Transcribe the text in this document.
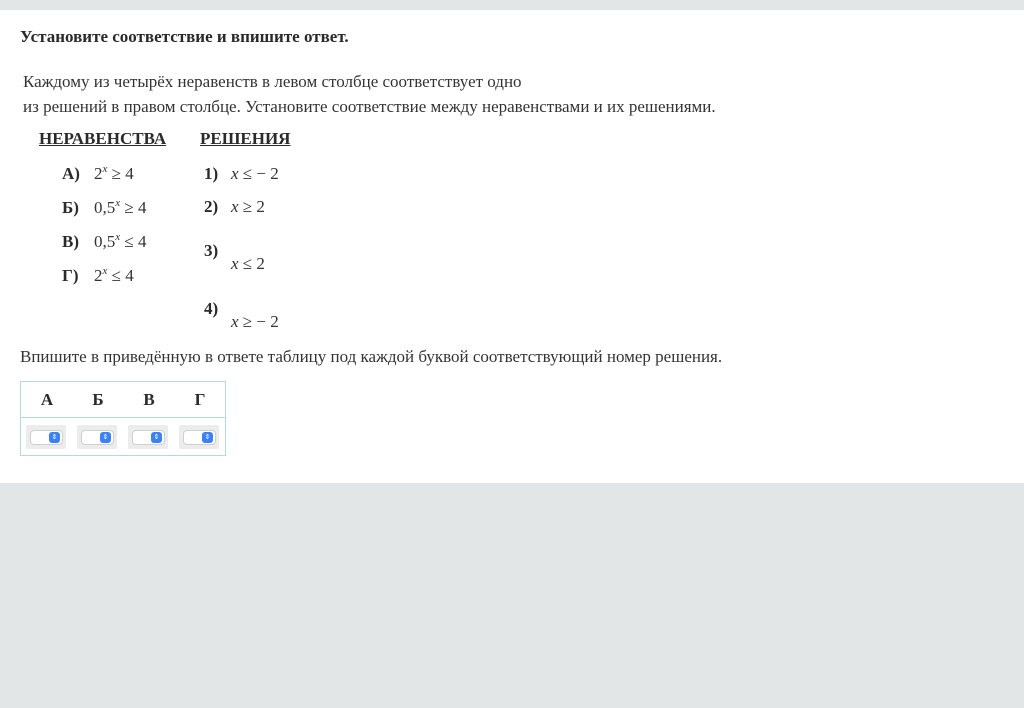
Установите соответствие и впишите ответ.
Каждому из четырёх неравенств в левом столбце соответствует одно
из решений в правом столбце. Установите соответствие между неравенствами и их решениями.
НЕРАВЕНСТВА РЕШЕНИЯ
А) $2^x \ge 4$
Б) $0,5^x \ge 4$
В) $0,5^x \le 4$
Г) $2^x \le 4$
1) x ≤ − 2
2) x ≥ 2
3)
x ≤ 2
4)
x ≥ − 2
Впишите в приведённую в ответе таблицу под каждой буквой соответствующий номер решения.
А	Б	В	Г
⇕	⇕	⇕	⇕
